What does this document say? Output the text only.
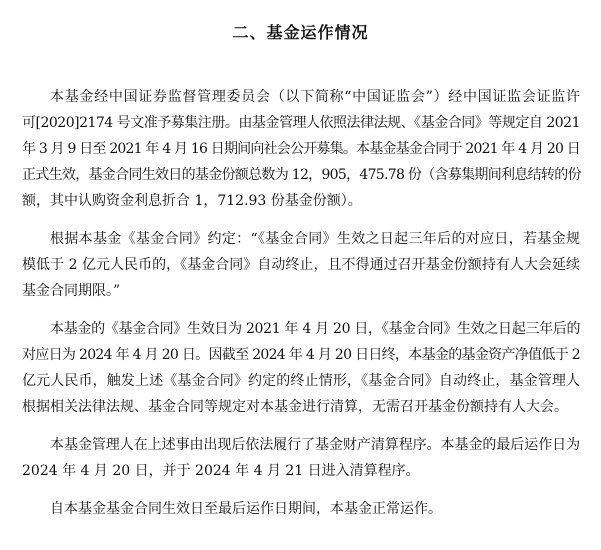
二、基金运作情况
本基金经中国证券监督管理委员会（以下简称“中国证监会”）经中国证监会证监许
可[2020]2174 号文准予募集注册。由基金管理人依照法律法规、《基金合同》等规定自 2021
年 3 月 9 日至 2021 年 4 月 16 日期间向社会公开募集。本基金基金合同于 2021 年 4 月 20 日
正式生效，基金合同生效日的基金份额总数为 12，905，475.78 份（含募集期间利息结转的份
额，其中认购资金利息折合 1，712.93 份基金份额）。
根据本基金《基金合同》约定：“《基金合同》生效之日起三年后的对应日，若基金规
模低于 2 亿元人民币的，《基金合同》自动终止，且不得通过召开基金份额持有人大会延续
基金合同期限。”
本基金的《基金合同》生效日为 2021 年 4 月 20 日，《基金合同》生效之日起三年后的
对应日为 2024 年 4 月 20 日。因截至 2024 年 4 月 20 日日终，本基金的基金资产净值低于 2
亿元人民币，触发上述《基金合同》约定的终止情形，《基金合同》自动终止，基金管理人
根据相关法律法规、基金合同等规定对本基金进行清算，无需召开基金份额持有人大会。
本基金管理人在上述事由出现后依法履行了基金财产清算程序。本基金的最后运作日为
2024 年 4 月 20 日，并于 2024 年 4 月 21 日进入清算程序。
自本基金基金合同生效日至最后运作日期间，本基金正常运作。
